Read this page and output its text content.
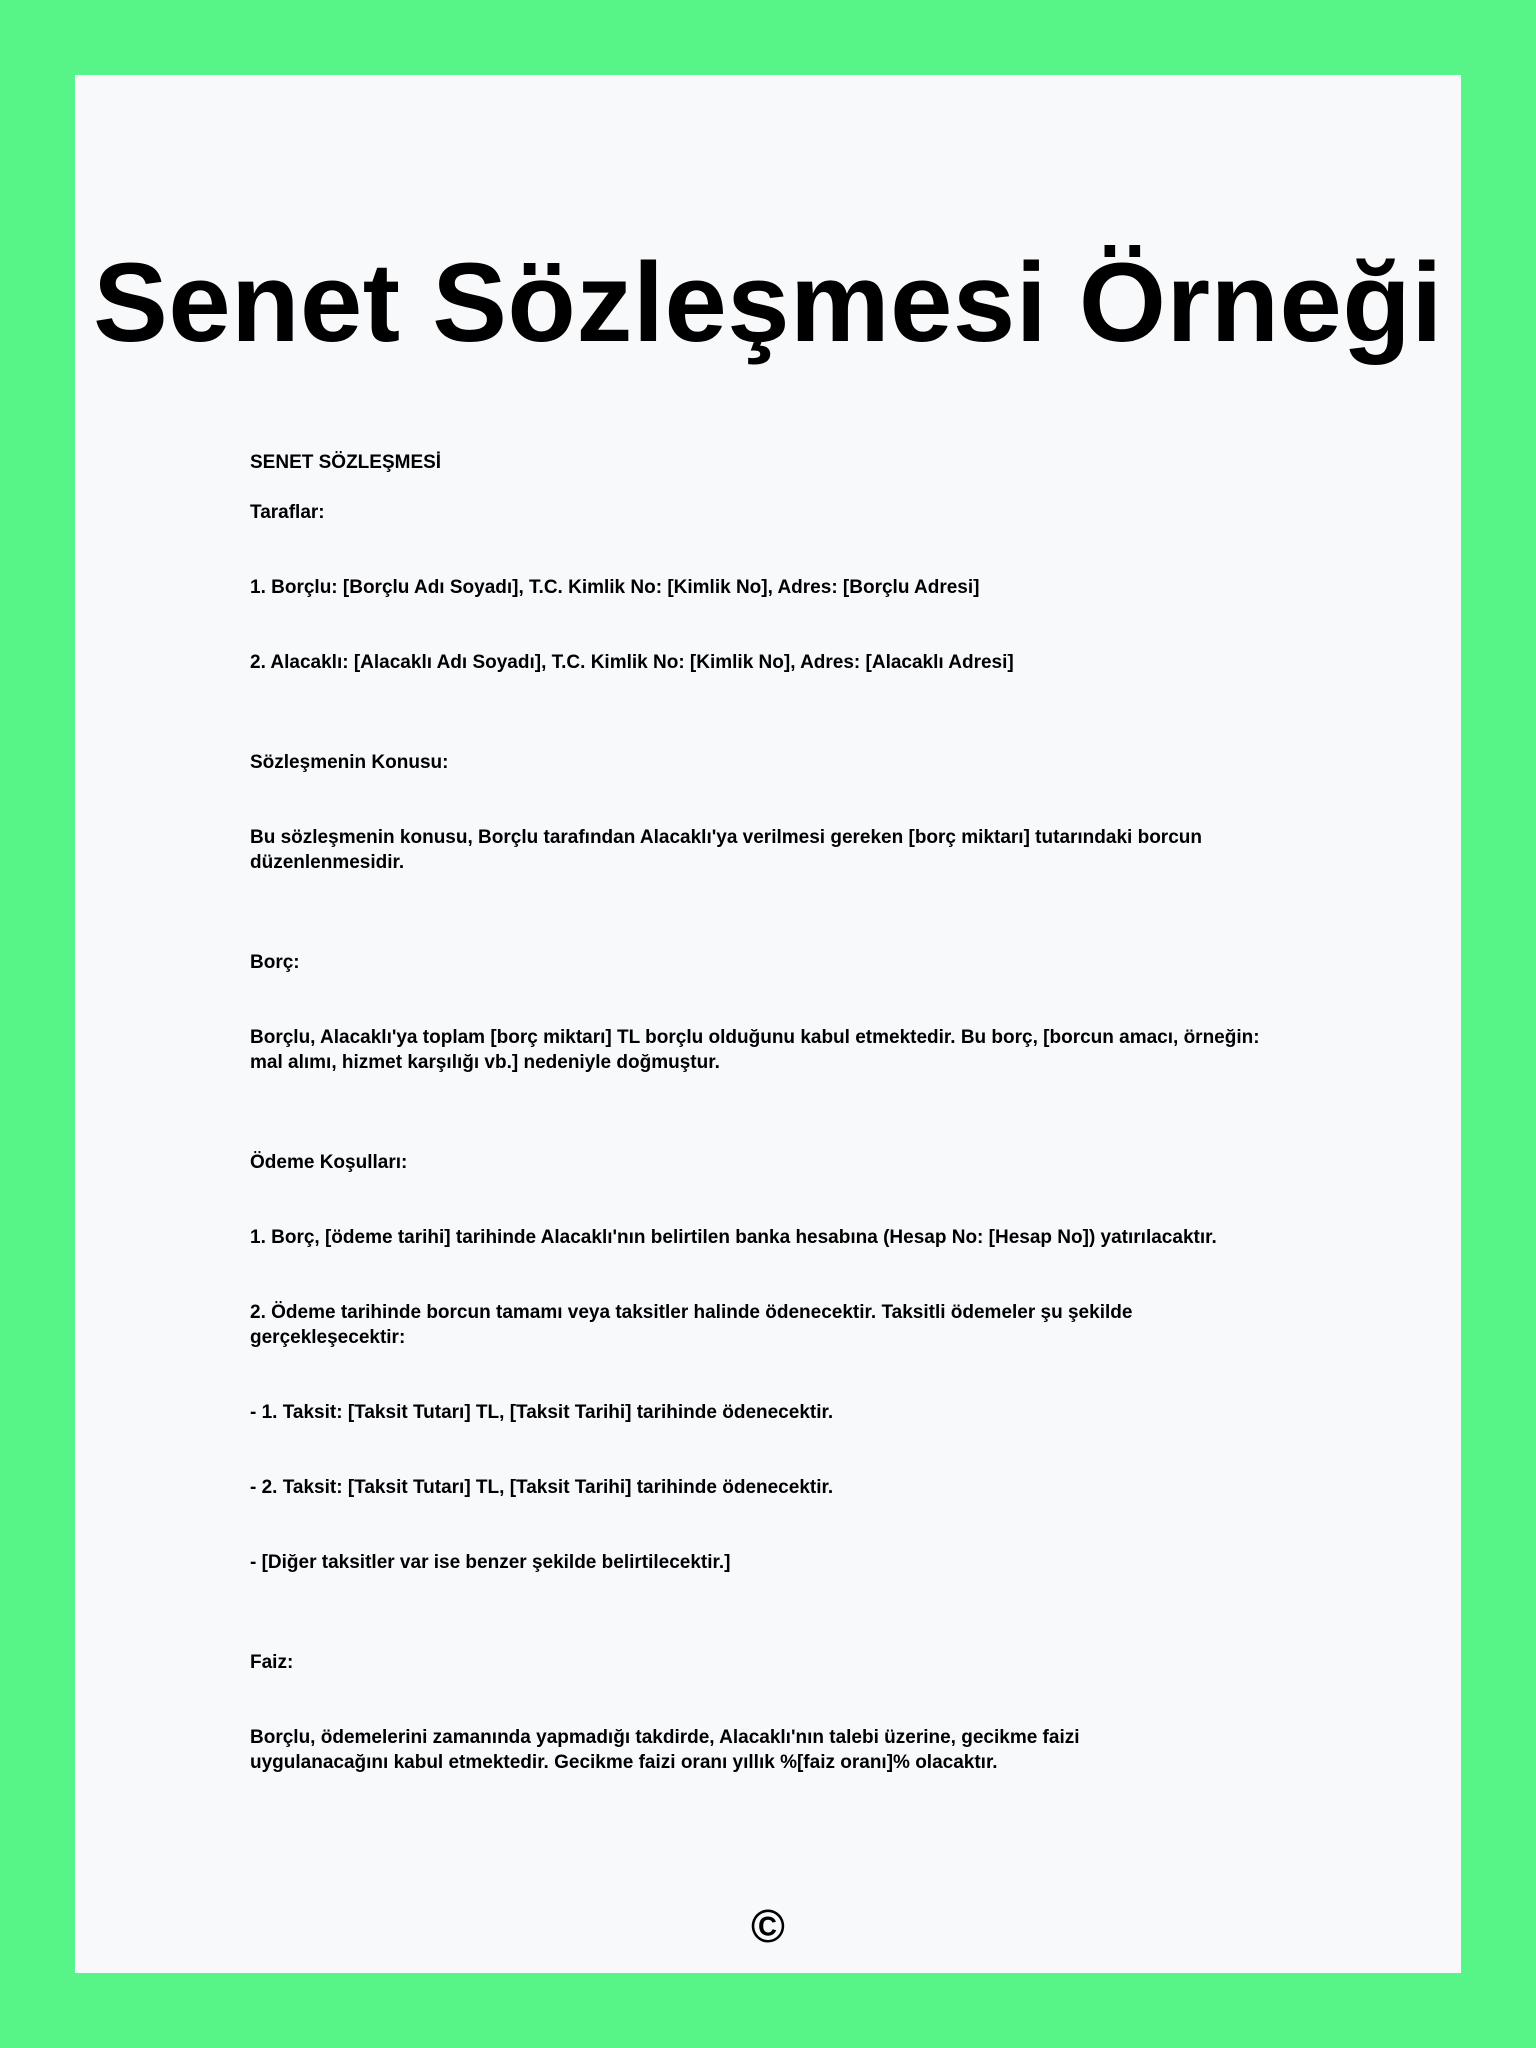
Senet Sözleşmesi Örneği

SENET SÖZLEŞMESİ

Taraflar:

1. Borçlu: [Borçlu Adı Soyadı], T.C. Kimlik No: [Kimlik No], Adres: [Borçlu Adresi]

2. Alacaklı: [Alacaklı Adı Soyadı], T.C. Kimlik No: [Kimlik No], Adres: [Alacaklı Adresi]

Sözleşmenin Konusu:

Bu sözleşmenin konusu, Borçlu tarafından Alacaklı'ya verilmesi gereken [borç miktarı] tutarındaki borcun düzenlenmesidir.

Borç:

Borçlu, Alacaklı'ya toplam [borç miktarı] TL borçlu olduğunu kabul etmektedir. Bu borç, [borcun amacı, örneğin: mal alımı, hizmet karşılığı vb.] nedeniyle doğmuştur.

Ödeme Koşulları:

1. Borç, [ödeme tarihi] tarihinde Alacaklı'nın belirtilen banka hesabına (Hesap No: [Hesap No]) yatırılacaktır.

2. Ödeme tarihinde borcun tamamı veya taksitler halinde ödenecektir. Taksitli ödemeler şu şekilde gerçekleşecektir:

- 1. Taksit: [Taksit Tutarı] TL, [Taksit Tarihi] tarihinde ödenecektir.

- 2. Taksit: [Taksit Tutarı] TL, [Taksit Tarihi] tarihinde ödenecektir.

- [Diğer taksitler var ise benzer şekilde belirtilecektir.]

Faiz:

Borçlu, ödemelerini zamanında yapmadığı takdirde, Alacaklı'nın talebi üzerine, gecikme faizi uygulanacağını kabul etmektedir. Gecikme faizi oranı yıllık %[faiz oranı]% olacaktır.

©
